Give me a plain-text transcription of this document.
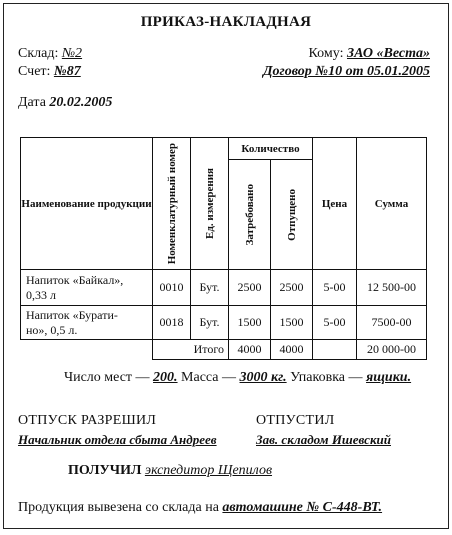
ПРИКАЗ-НАКЛАДНАЯ
Склад: №2	Кому: ЗАО «Веста»
Счет: №87	Договор №10 от 05.01.2005
Дата 20.02.2005
Наименование продукции	Номенклатурный номер	Ед. измерения	Количество		Цена	Сумма

			Затребовано	Отпущено		

Напиток «Байкал»,
0,33 л	0010	Бут.	2500	2500	5-00	12 500-00
Напиток «Бурати-
но», 0,5 л.	0018	Бут.	1500	1500	5-00	7500-00
	Итого		4000	4000		20 000-00
Число мест — 200. Масса — 3000 кг. Упаковка — ящики.
ОТПУСК РАЗРЕШИЛ	ОТПУСТИЛ
Начальник отдела сбыта Андреев	Зав. складом Ишевский
ПОЛУЧИЛ экспедитор Щепилов
Продукция вывезена со склада на автомашине № С-448-ВТ.
